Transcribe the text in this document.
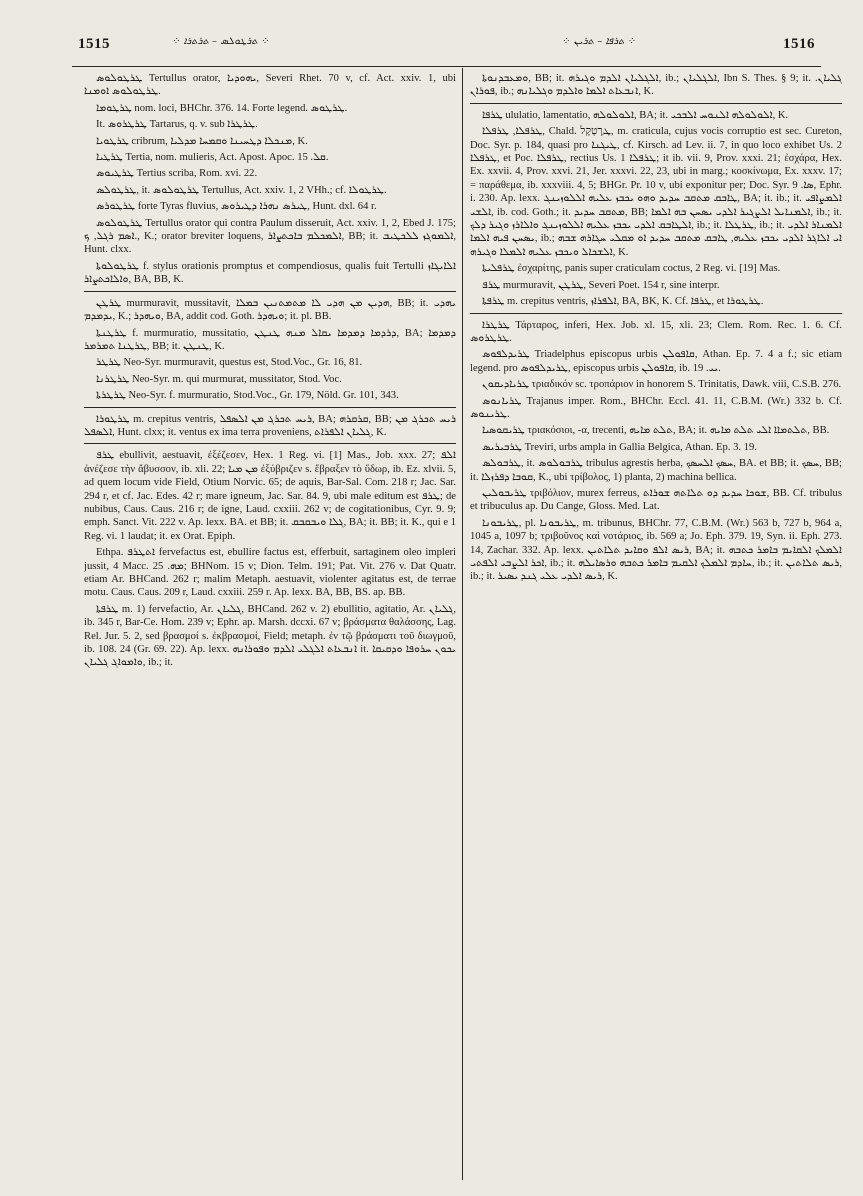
1515	⁘ ܬܪܛܘܠܣ – ܬܪܬܪܐ ⁘	⁘ ܬܪܦܐ – ܬܪܝܢ ⁘	1516

ܛܪܛܘܠܘܣ Tertullus orator, ܝܗܘܕܝܐ, Severi Rhet. 70 v, cf. Act. xxiv. 1, ubi ܛܪܛܘܠܘܣ ܐܘܡܢܐ.

ܛܪܛܘܡܐ nom. loci, BHChr. 376. 14. Forte legend. ܛܪܛܘܣ.

It. ܛܪܛܪܘܣ Tartarus, q. v. sub ܛܪܛܪܐ.

ܛܪܛܘܝܐ cribrum, ܡܢܟܠܐ ܕܛܚܝܢܐ ܘܩܡܚܐ ܡܕܠܝܐ, K.

ܛܪܛܝܐ Tertia, nom. mulieris, Act. Apost. Apoc. ܩܠ. 15.

ܛܪܛܝܘܣ Tertius scriba, Rom. xvi. 22.

ܛܪܛܘܠܣ, it. ܛܪܛܘܠܘܣ Tertullus, Act. xxiv. 1, 2 VHh.; cf. ܛܪܛܘܠܐ.

ܛܪܛܘܪܣ forte Tyras fluvius, ܛܝܪܣ ܢܗܪܐ ܕܛܝܪܘܣ, Hunt. dxl. 64 r.

ܛܪܛܘܠܘܣ Tertullus orator qui contra Paulum disseruit, Act. xxiv. 1, 2, Ebed J. 175; ܐܣܡ ܪܓܠ, ܟ., K.; orator breviter loquens, ܐܠܡܟܠܡ ܒܐܟܬܨܐܪ, BB; it. ܐܠܡܘܓܙ ܠܠܟܛܝܒ, Hunt. clxx.

ܛܪܛܘܠܘܬܐ f. stylus orationis promptus et compendiosus, qualis fuit Tertulli ܐܠܐܝܓܐܙ ܘܐܠܐܟܬܨܐܪ, BA, BB, K.

ܛܪܛܢ murmuravit, mussitavit, ܗܕܝܢ ܡܢ ܗܕܝ ܠܐ ܡܬܡܬܢܝܢ ܒܡܠܐ, BB; it. ܝܗܕܝ ܝܕܡܕܡ, K.; ܘܝܗܕܪ, BA, addit cod. Goth. ܘܝܗܕܪ; it. pl. BB.

ܛܪܛܢܬܐ f. murmuratio, mussitatio, ܕܪܕܡܐ ܕܡܕܡܐ ܝܩܐܠ ܡܢܗ ܛܢܛܢ, BA; ܕܡܕܡܐ ܛܪܛܢܐ ܬܡܪܡܪ, BB; it. ܛܢܛܢ, K.

ܛܪܛܪ Neo-Syr. murmuravit, questus est, Stod.Voc., Gr. 16, 81.

ܛܪܛܪܢܐ Neo-Syr. m. qui murmurat, mussitator, Stod. Voc.

ܛܪܛܪܬܐ Neo-Syr. f. murmuratio, Stod.Voc., Gr. 179, Nöld. Gr. 101, 343.

ܛܪܛܘܪܐ m. crepitus ventris, ܪܝܚ ܬܟܪܓ ܡܢ ܐܠܣܦܠ, BA; ܩܪܩܪܗ, BB; ܪܝܚ ܬܟܪܓ ܡܢ ܐܠܣܦܠ, Hunt. clxx; it. ventus ex ima terra proveniens, ܓܠܝܐܢ ܐܠܦܪܐܬ, K.

ܛܪܦ ebullivit, aestuavit, ἐξέζεσεν, Hex. 1 Reg. vi. [1] Mas., Job. xxx. 27; ܐܠܦ ἀνέζεσε τὴν ἄβυσσον, ib. xli. 22; ܡܢ ܡܝܐ ἐξύβριζεν s. ἔβραξεν τὸ ὕδωρ, ib. Ez. xlvii. 5, ad quem locum vide Field, Otium Norvic. 65; de aquis, Bar-Sal. Com. 218 r; Jac. Sar. 294 r, et cf. Jac. Edes. 42 r; mare igneum, Jac. Sar. 84. 9, ubi male editum est ܛܪܦ; de nubibus, Caus. Caus. 216 r; de igne, Laud. cxxiii. 262 v; de cogitationibus, Cyr. 9. 9; emph. Sanct. Vit. 222 v. Ap. lexx. BA. et BB; it. ܓܠܐ ܘܝܒܩܒܩ, BA; it. BB; it. K., qui e 1 Reg. vi. 1 laudat; it. ex Orat. Epiph.

Ethpa. ܐܬܛܪܦ fervefactus est, ebullire factus est, efferbuit, sartaginem oleo impleri jussit, 4 Macc. ܡܗ. 25; BHNom. 15 v; Dion. Telm. 191; Pat. Vit. 276 v. Dat Quatr. etiam Ar. BHCand. 262 r; malim Metaph. aestuavit, violenter agitatus est, de terrae motu. Caus. Caus. 209 r, Laud. cxxiii. 259 r. Ap. lexx. BA, BB, BS. ap. BB.

ܛܪܦܬܐ m. 1) fervefactio, Ar. ܓܠܝܐܢ, BHCand. 262 v. 2) ebullitio, agitatio, Ar. ܓܠܝܐܢ, ib. 345 r, Bar-Ce. Hom. 239 v; Ephr. ap. Marsh. dccxi. 67 v; βράσματα θαλάσσης, Lag. Rel. Jur. 5. 2, sed βρασμοί s. ἐκβρασμοί, Field; metaph. ἐν τῷ βράσματι τοῦ διωγμοῦ, ib. 108. 24 (Gr. 69. 22). Ap. lexx. ܐܢܒܥܐܬ ܐܠܓܠܝ ܐܠܕܡ ܘܦܘܪܐܢܗ it. ܝܟܘܢ ܚܪܘܦܐ ܘܕܩܝܩܐ ܘܐܡܘܐܓ ܓܠܝܐܢ, ib.; it.

ܘܡܥܒܕܢܘܬܐ, BB; it. ܐܠܓܠܝܐܢ ܐܠܕܡ ܘܓܝܪܗ, ib.; ܐܠܓܠܝܐܢ, Ibn S. Thes. § 9; it. ܓܠܝܐܢ. ܦܘܪܐܢ, ib.; ܐܢܒܥܐܬ ܐܠܡܐ ܘܐܠܕܡ ܘܓܠܝܐܢܗ, K.

ܛܪܦܐ ululatio, lamentatio, ܐܠܘܠܘܠܗ, BA; it. ܐܠܘܠܘܠܗ ܐܠܢܘܚ ܐܠܒܟܝ, K.

ܛܪܦܠܐ, ܛܪܦܠܐ, Chald. ܛַרְטְקָל, m. craticula, cujus vocis corruptio est sec. Cureton, Doc. Syr. p. 184, quasi pro ܛܝܓܢܐ, cf. Kirsch. ad Lev. ii. 7, in quo loco exhibet Us. 2 ܛܪܦܠܐ, et Poc. ܛܪܦܠܐ, rectius Us. 1 ܛܪܦܠܐ; it ib. vii. 9, Prov. xxxi. 21; ἐσχάρα, Hex. Ex. xxvii. 4, Prov. xxvi. 21, Jer. xxxvi. 22, 23, ubi in marg.; κοσκίνωμα, Ex. xxxv. 17; = παράθεμα, ib. xxxviii. 4, 5; BHGr. Pr. 10 v, ubi exponitur per; Doc. Syr. ܣܐ. 9, Ephr. i. 230. Ap. lexx. ܛܐܒܩ ܡܬܩܒ ܚܕܝܕ ܘܗܘ ܝܟܒܙ ܥܠܝܗ ܐܠܠܘܙܝܢܓ, BA; it. ib.; it. ܐܠܡܨܐܦܝ ܐܠܫܝ, ib. cod. Goth.; it. ܡܬܩܒ ܚܕܝܕ, BB; ܐܠܡܢܐܝܠ ܐܠܨܓܝܪ ܐܠܕܝ ܝܣܚܢ ܒܗ ܐܠܡܐ, ib.; it. ܐܠܛܐܒܩ ܐܠܕܝ ܝܟܒܙ ܥܠܝܗ ܐܠܠܘܙܝܢܓ ܘܐܠܐܪܙ ܘܓܝܪ ܕܠܟ, ib.; it. ܛܪܛܠܐ, ib.; it. ܐܠܡܢܐܪ ܐܠܕܝ ܝܣܚܢ ܦܝܗ ܐܠܡܐ, ib.; ܐܝ ܐܠܐܓܪ ܐܠܕܝ ܝܟܒܙ ܥܠܝܗ, ܛܐܒܩ ܡܬܩܒ ܚܕܝܕ ܐܘ ܡܩܠܝ ܚܓܐܪܗ ܫܒܗ ܐܠܫܟܐܠ ܘܝܟܒܙ ܥܠܝܗ ܐܠܡܠܐ ܘܓܝܪܗ, K.

ܛܪܦܠܝܬܐ ἐσχαρίτης, panis super craticulam coctus, 2 Reg. vi. [19] Mas.

ܛܪܦ murmuravit, ܛܪܛܢ, Severi Poet. 154 r, sine interpr.

ܛܪܦܬܐ m. crepitus ventris, ܐܠܦܪܐܙ, BA, BK, K. Cf. ܛܪܦܐ, et ܛܪܛܘܪܐ.

ܛܪܛܪܐ Τάρταρος, inferi, Hex. Job. xl. 15, xli. 23; Clem. Rom. Rec. 1. 6. Cf. ܛܪܛܪܘܣ.

ܛܪܝܕܠܦܘܣ Triadelphus episcopus urbis ܩܐܦܘܠܢ, Athan. Ep. 7. 4 a f.; sic etiam legend. pro ܛܪܝܕܠܦܘܣ, episcopus urbis ܩܐܦܘܠܢ, ib. ܝܝ. 19.

ܛܪܝܐܕܝܩܘܢ τριαδικόν sc. τροπάριον in honorem S. Trinitatis, Dawk. viii, C.S.B. 276.

ܛܪܝܐܢܘܣ Trajanus imper. Rom., BHChr. Eccl. 41. 11, C.B.M. (Wr.) 332 b. Cf. ܛܪܝܢܘܣ.

ܛܪܝܩܘܣܝܐ τριακόσιοι, -α, trecenti, ܬܠܬ ܡܐܝܗ, BA; it. ܬܠܬܡܐܐ ܐܠܝ ܬܠܬ ܡܐܝܗ, BB.

ܛܪܒܝܪܝܣ Treviri, urbs ampla in Gallia Belgica, Athan. Ep. 3. 19.

ܛܪܒܘܠܣ, it. ܛܪܒܘܠܘܣ tribulus agrestis herba, ܚܣܟ ܐܠܚܣܟ, BA. et BB; it. ܚܣܟ, BB; it. ܩܘܒܐ ܕܦܪܙܠܐ, K., ubi τρίβολος, 1) planta, 2) machina bellica.

ܛܪܝܒܘܠܝܢ τριβόλιον, murex ferreus, ܫܘܟܐ ܚܕܝܕ ܕܘ ܬܠܐܬܗ ܫܘܪܐܬ, BB. Cf. tribulus et tribuculus ap. Du Cange, Gloss. Med. Lat.

ܛܪܝܒܘܢܐ, pl. ܛܪܝܒܘܢܐ, m. tribunus, BHChr. 77, C.B.M. (Wr.) 563 b, 727 b, 964 a, 1045 a, 1097 b; τριβοῦνος καὶ νοτάριος, ib. 569 a; Jo. Eph. 379. 19, Syn. ii. Eph. 273. 14, Zachar. 332. Ap. lexx. ܪܝܣ ܐܠܦ ܘܩܐܝܕ ܬܠܐܬܝܢ, BA; it. ܐܠܡܠܟ ܐܠܩܐܝܡ ܒܐܡܪ ܟܬܒܗ ܐܟܪ ܐܠܨܒܝ ܐܠܦܬܝ, ib.; it. ܚܐܕܡ ܐܠܡܠܟ ܐܠܩܝܡ ܒܐܡܪ ܟܬܒܗ ܘܪܣܐܝܠܗ, ib.; it. ܪܝܣ ܬܠܐܬܝܢ, ib.; it. ܪܝܣ ܐܠܕܝ ܥܠܝ ܓܢܕ ܝܣܝܪ, K.
